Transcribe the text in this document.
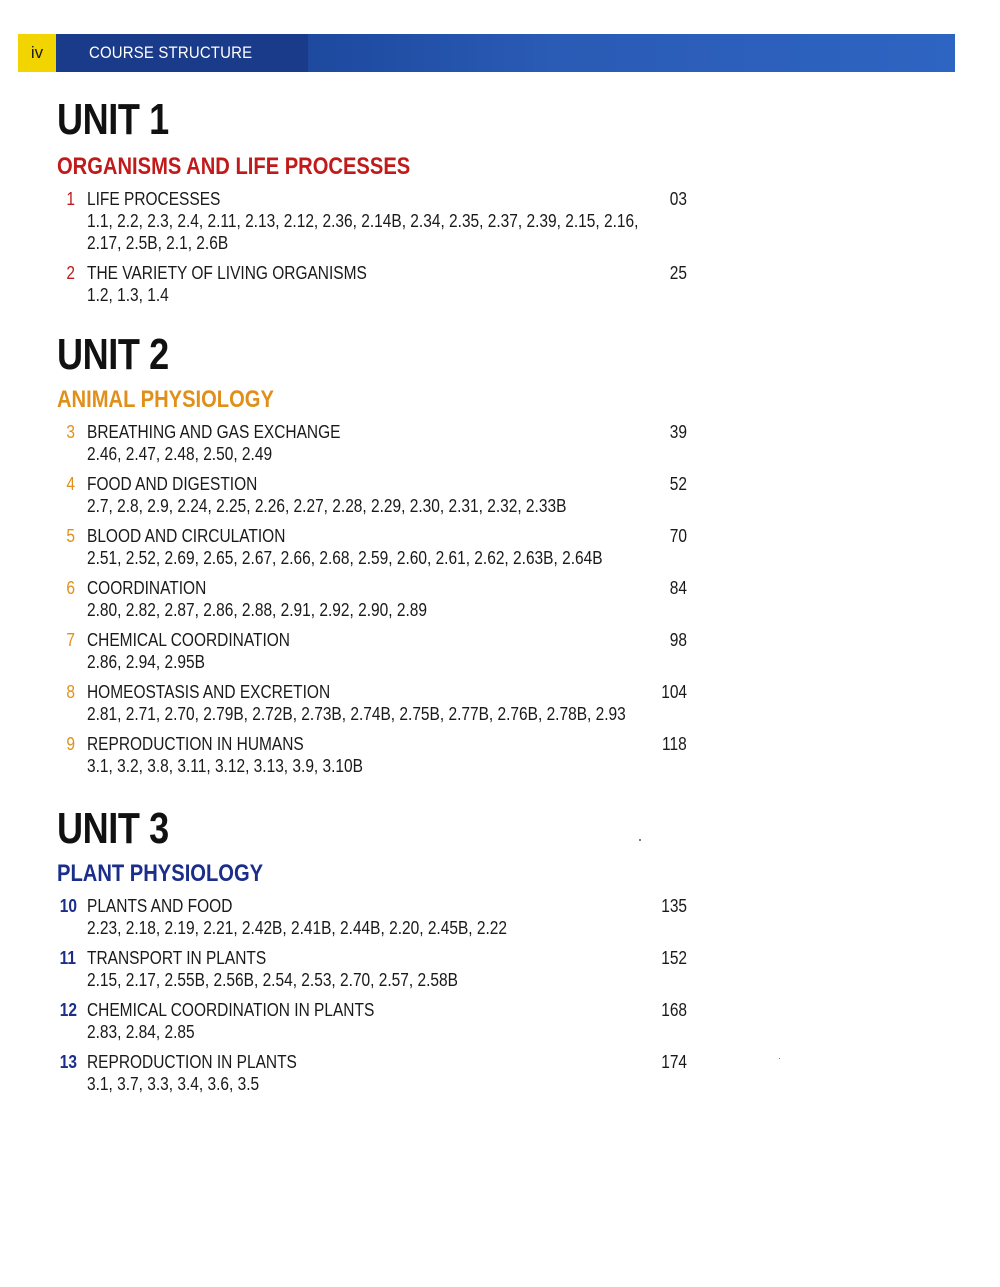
iv	COURSE STRUCTURE
UNIT 1
ORGANISMS AND LIFE PROCESSES
1 LIFE PROCESSES
1.1, 2.2, 2.3, 2.4, 2.11, 2.13, 2.12, 2.36, 2.14B, 2.34, 2.35, 2.37, 2.39, 2.15, 2.16,
2.17, 2.5B, 2.1, 2.6B
03
2 THE VARIETY OF LIVING ORGANISMS
1.2, 1.3, 1.4
25
UNIT 2
ANIMAL PHYSIOLOGY
3 BREATHING AND GAS EXCHANGE
2.46, 2.47, 2.48, 2.50, 2.49
39
4 FOOD AND DIGESTION
2.7, 2.8, 2.9, 2.24, 2.25, 2.26, 2.27, 2.28, 2.29, 2.30, 2.31, 2.32, 2.33B
52
5 BLOOD AND CIRCULATION
2.51, 2.52, 2.69, 2.65, 2.67, 2.66, 2.68, 2.59, 2.60, 2.61, 2.62, 2.63B, 2.64B
70
6 COORDINATION
2.80, 2.82, 2.87, 2.86, 2.88, 2.91, 2.92, 2.90, 2.89
84
7 CHEMICAL COORDINATION
2.86, 2.94, 2.95B
98
8 HOMEOSTASIS AND EXCRETION
2.81, 2.71, 2.70, 2.79B, 2.72B, 2.73B, 2.74B, 2.75B, 2.77B, 2.76B, 2.78B, 2.93
104
9 REPRODUCTION IN HUMANS
3.1, 3.2, 3.8, 3.11, 3.12, 3.13, 3.9, 3.10B
118
UNIT 3
PLANT PHYSIOLOGY
10 PLANTS AND FOOD
2.23, 2.18, 2.19, 2.21, 2.42B, 2.41B, 2.44B, 2.20, 2.45B, 2.22
135
11 TRANSPORT IN PLANTS
2.15, 2.17, 2.55B, 2.56B, 2.54, 2.53, 2.70, 2.57, 2.58B
152
12 CHEMICAL COORDINATION IN PLANTS
2.83, 2.84, 2.85
168
13 REPRODUCTION IN PLANTS
3.1, 3.7, 3.3, 3.4, 3.6, 3.5
174
